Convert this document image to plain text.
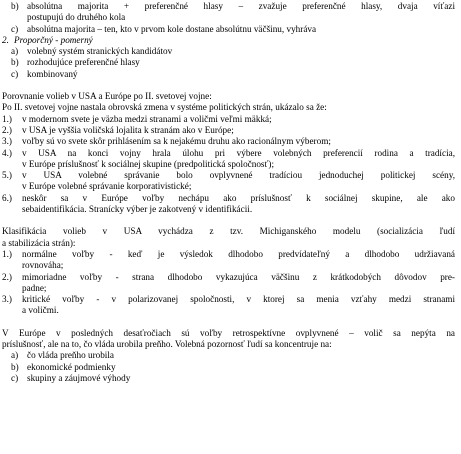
b) absolútna majorita + preferenčné hlasy – zvažuje preferenčné hlasy, dvaja víťazi
postupujú do druhého kola
c) absolútna majorita – ten, kto v prvom kole dostane absolútnu väčšinu, vyhráva
2. Proporčný - pomerný
a) volebný systém stranických kandidátov
b) rozhodujúce preferenčné hlasy
c) kombinovaný
Porovnanie volieb v USA a Európe po II. svetovej vojne:
Po II. svetovej vojne nastala obrovská zmena v systéme politických strán, ukázalo sa že:
1.)	v modernom svete je väzba medzi stranami a voličmi veľmi mäkká;
2.)	v USA je vyššia voličská lojalita k stranám ako v Európe;
3.)	voľby sú vo svete skôr prihlásením sa k nejakému druhu ako racionálnym výberom;
4.)	v USA na konci vojny hrala úlohu pri výbere volebných preferencií rodina a tradícia,
v Európe príslušnosť k sociálnej skupine (predpolitická spoločnosť);
5.)	v USA volebné správanie bolo ovplyvnené tradíciou jednoduchej politickej scény,
v Európe volebné správanie korporativistické;
6.)	neskôr sa v Európe voľby nechápu ako príslušnosť k sociálnej skupine, ale ako
sebaidentifikácia. Stranícky výber je zakotvený v identifikácii.
Klasifikácia volieb v USA vychádza z tzv. Michiganského modelu (socializácia ľudí
a stabilizácia strán):
1.)	normálne voľby - keď je výsledok dlhodobo predvídateľný a dlhodobo udržiavaná
rovnováha;
2.)	mimoriadne voľby - strana dlhodobo vykazujúca väčšinu z krátkodobých dôvodov pre-
padne;
3.)	kritické voľby - v polarizovanej spoločnosti, v ktorej sa menia vzťahy medzi stranami
a voličmi.
V Európe v posledných desaťročiach sú voľby retrospektívne ovplyvnené – volič sa nepýta na
príslušnosť, ale na to, čo vláda urobila preňho. Volebná pozornosť ľudí sa koncentruje na:
a) čo vláda preňho urobila
b) ekonomické podmienky
c) skupiny a záujmové výhody
